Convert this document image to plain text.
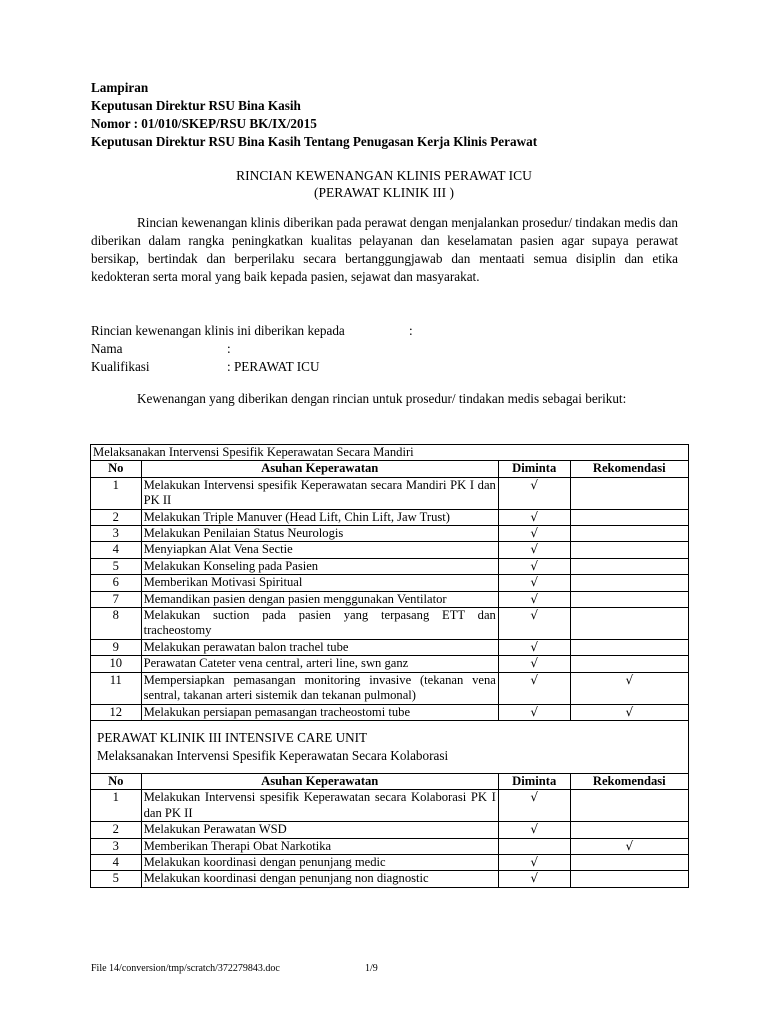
Lampiran
Keputusan Direktur RSU Bina Kasih
Nomor : 01/010/SKEP/RSU BK/IX/2015
Keputusan Direktur RSU Bina Kasih Tentang Penugasan Kerja Klinis Perawat
RINCIAN KEWENANGAN KLINIS PERAWAT ICU
(PERAWAT KLINIK III )
Rincian kewenangan klinis diberikan pada perawat dengan menjalankan prosedur/ tindakan medis dan diberikan dalam rangka peningkatkan kualitas pelayanan dan keselamatan pasien agar supaya perawat bersikap, bertindak dan berperilaku secara bertanggungjawab dan mentaati semua disiplin dan etika kedokteran serta moral yang baik kepada pasien, sejawat dan masyarakat.
Rincian kewenangan klinis ini diberikan kepada	:
Nama	:
Kualifikasi	: PERAWAT ICU
Kewenangan yang diberikan dengan rincian untuk prosedur/ tindakan medis sebagai berikut:
Melaksanakan Intervensi Spesifik Keperawatan Secara Mandiri			
No	Asuhan Keperawatan	Diminta	Rekomendasi
1	Melakukan Intervensi spesifik Keperawatan secara Mandiri PK I dan PK II	√	
2	Melakukan Triple Manuver (Head Lift, Chin Lift, Jaw Trust)	√	
3	Melakukan Penilaian Status Neurologis	√	
4	Menyiapkan Alat Vena Sectie	√	
5	Melakukan Konseling pada Pasien	√	
6	Memberikan Motivasi Spiritual	√	
7	Memandikan pasien dengan pasien menggunakan Ventilator	√	
8	Melakukan suction pada pasien yang terpasang ETT dan tracheostomy	√	
9	Melakukan perawatan balon trachel tube	√	
10	Perawatan Cateter vena central, arteri line, swn ganz	√	
11	Mempersiapkan pemasangan monitoring invasive (tekanan vena sentral, takanan arteri sistemik dan tekanan pulmonal)	√	√
12	Melakukan persiapan pemasangan tracheostomi tube	√	√

PERAWAT KLINIK III INTENSIVE CARE UNIT
Melaksanakan Intervensi Spesifik Keperawatan Secara Kolaborasi			

No	Asuhan Keperawatan	Diminta	Rekomendasi
1	Melakukan Intervensi spesifik Keperawatan secara Kolaborasi PK I dan PK II	√	
2	Melakukan Perawatan WSD	√	
3	Memberikan Therapi Obat Narkotika		√
4	Melakukan koordinasi dengan penunjang medic	√	
5	Melakukan koordinasi dengan penunjang non diagnostic	√	
File 14/conversion/tmp/scratch/372279843.doc	1/9
